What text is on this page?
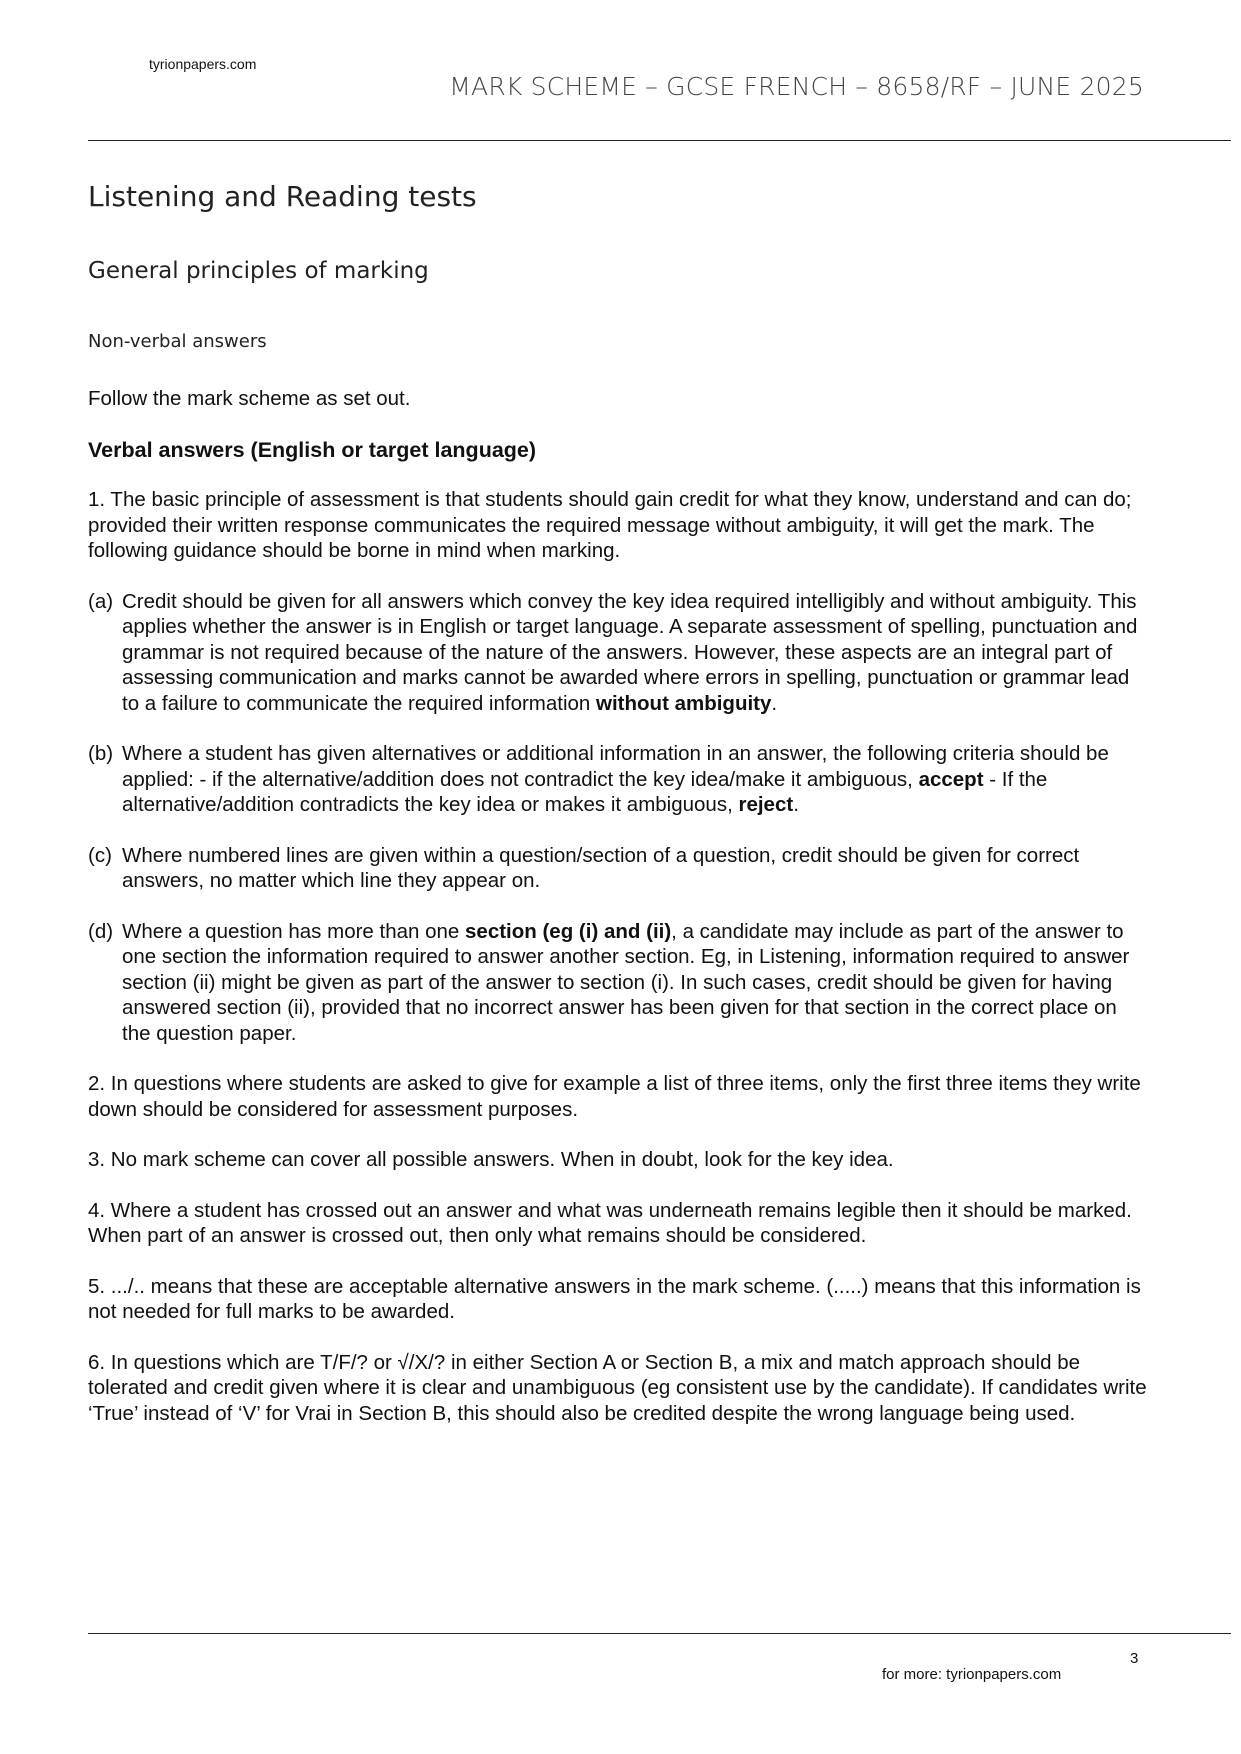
tyrionpapers.com
MARK SCHEME – GCSE FRENCH – 8658/RF – JUNE 2025
Listening and Reading tests
General principles of marking
Non-verbal answers

Follow the mark scheme as set out.

Verbal answers (English or target language)

1. The basic principle of assessment is that students should gain credit for what they know, understand and can do; provided their written response communicates the required message without ambiguity, it will get the mark. The following guidance should be borne in mind when marking.

(a) Credit should be given for all answers which convey the key idea required intelligibly and without ambiguity. This applies whether the answer is in English or target language. A separate assessment of spelling, punctuation and grammar is not required because of the nature of the answers. However, these aspects are an integral part of assessing communication and marks cannot be awarded where errors in spelling, punctuation or grammar lead to a failure to communicate the required information without ambiguity.
(b) Where a student has given alternatives or additional information in an answer, the following criteria should be applied: - if the alternative/addition does not contradict the key idea/make it ambiguous, accept - If the alternative/addition contradicts the key idea or makes it ambiguous, reject.
(c) Where numbered lines are given within a question/section of a question, credit should be given for correct answers, no matter which line they appear on.
(d) Where a question has more than one section (eg (i) and (ii), a candidate may include as part of the answer to one section the information required to answer another section. Eg, in Listening, information required to answer section (ii) might be given as part of the answer to section (i). In such cases, credit should be given for having answered section (ii), provided that no incorrect answer has been given for that section in the correct place on the question paper.

2. In questions where students are asked to give for example a list of three items, only the first three items they write down should be considered for assessment purposes.

3. No mark scheme can cover all possible answers. When in doubt, look for the key idea.

4. Where a student has crossed out an answer and what was underneath remains legible then it should be marked. When part of an answer is crossed out, then only what remains should be considered.

5. .../.. means that these are acceptable alternative answers in the mark scheme. (.....) means that this information is not needed for full marks to be awarded.

6. In questions which are T/F/? or √/X/? in either Section A or Section B, a mix and match approach should be tolerated and credit given where it is clear and unambiguous (eg consistent use by the candidate). If candidates write ‘True’ instead of ‘V’ for Vrai in Section B, this should also be credited despite the wrong language being used.

3
for more: tyrionpapers.com
